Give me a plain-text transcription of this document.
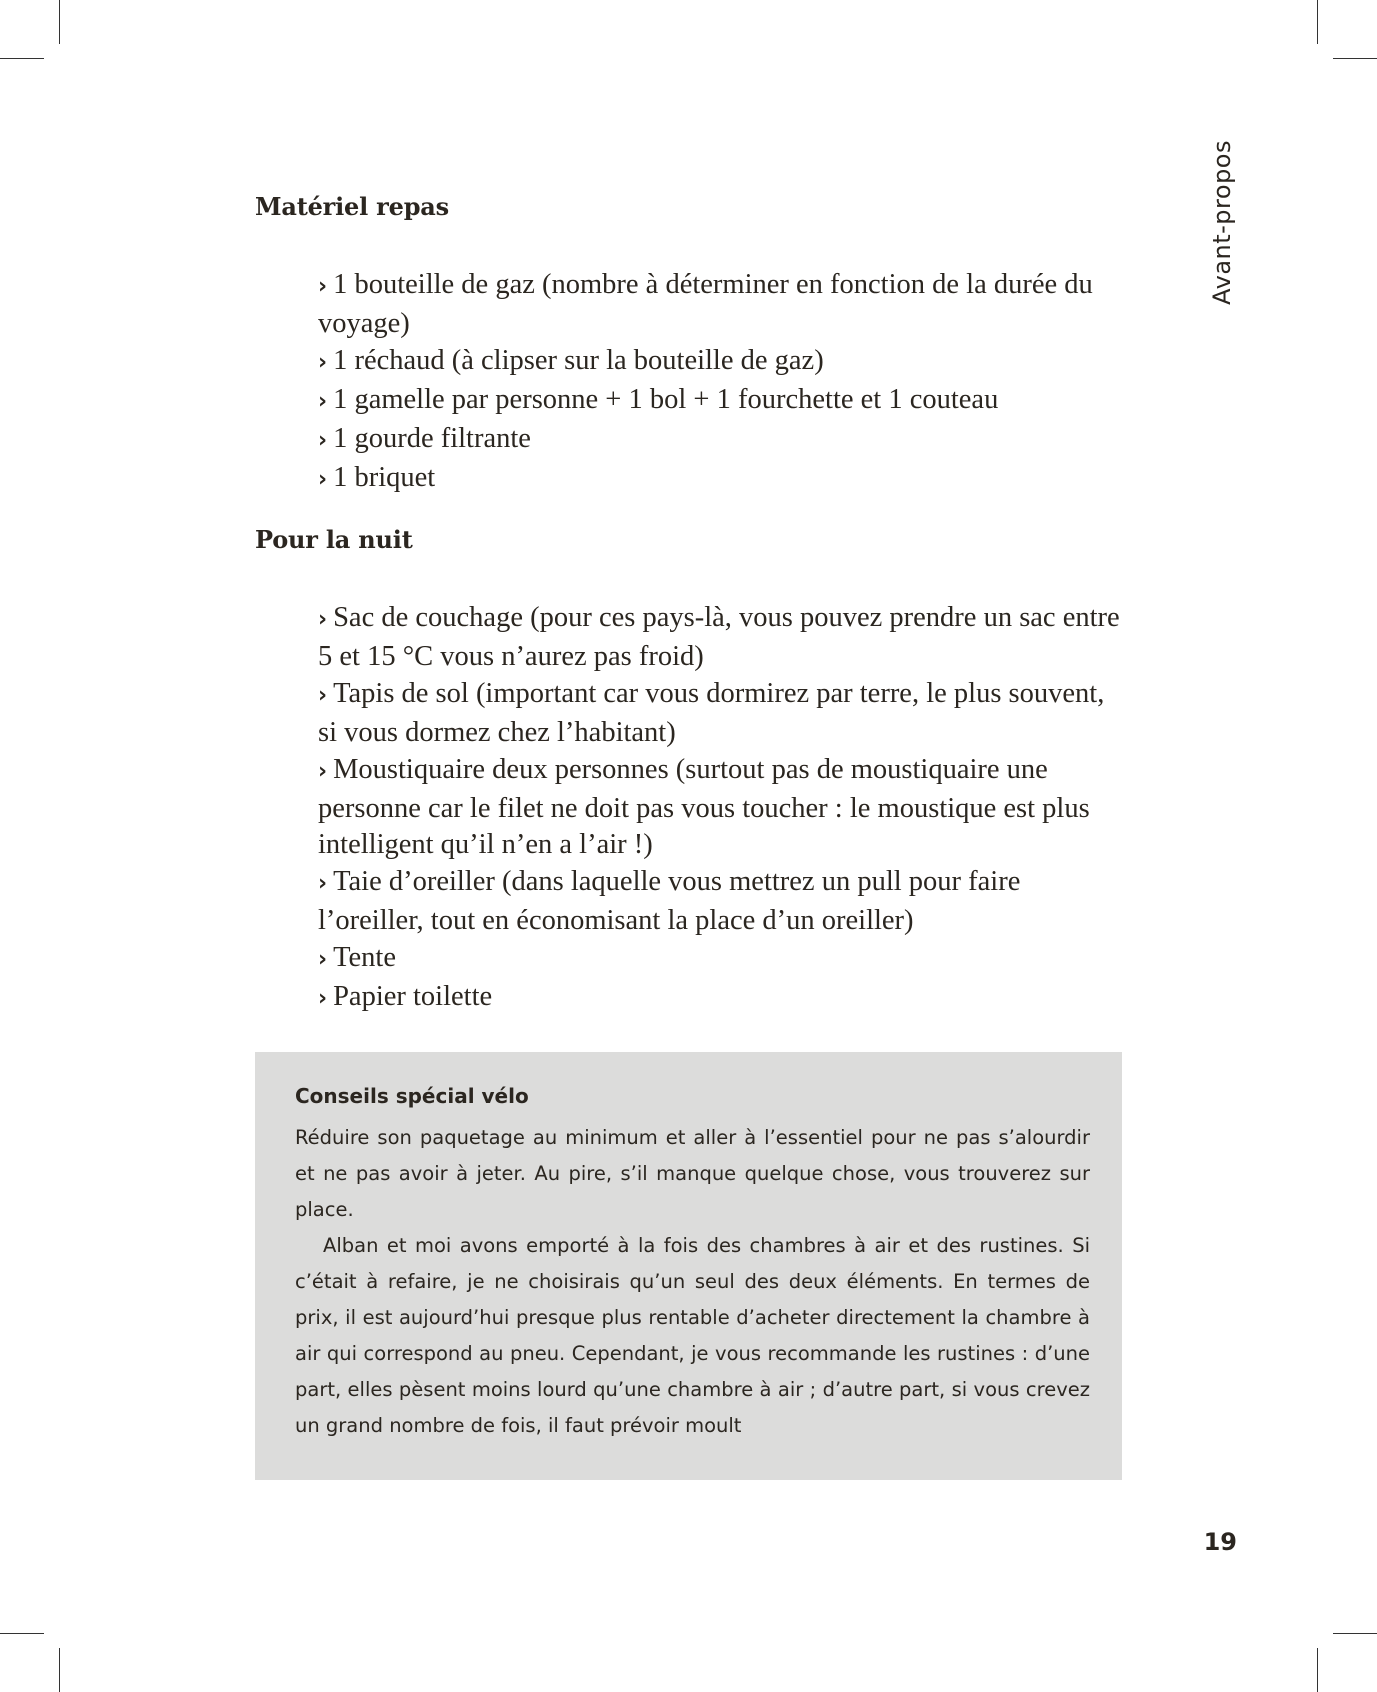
Avant-propos
Matériel repas
› 1 bouteille de gaz (nombre à déterminer en fonction de la durée du voyage)
› 1 réchaud (à clipser sur la bouteille de gaz)
› 1 gamelle par personne + 1 bol + 1 fourchette et 1 couteau
› 1 gourde filtrante
› 1 briquet
Pour la nuit
› Sac de couchage (pour ces pays-là, vous pouvez prendre un sac entre 5 et 15 °C vous n’aurez pas froid)
› Tapis de sol (important car vous dormirez par terre, le plus souvent, si vous dormez chez l’habitant)
› Moustiquaire deux personnes (surtout pas de moustiquaire une personne car le filet ne doit pas vous toucher : le moustique est plus intelligent qu’il n’en a l’air !)
› Taie d’oreiller (dans laquelle vous mettrez un pull pour faire l’oreiller, tout en économisant la place d’un oreiller)
› Tente
› Papier toilette
Conseils spécial vélo

Réduire son paquetage au minimum et aller à l’essentiel pour ne pas s’alourdir et ne pas avoir à jeter. Au pire, s’il manque quelque chose, vous trouverez sur place.

Alban et moi avons emporté à la fois des chambres à air et des rustines. Si c’était à refaire, je ne choisirais qu’un seul des deux éléments. En termes de prix, il est aujourd’hui presque plus rentable d’acheter directement la chambre à air qui correspond au pneu. Cependant, je vous recommande les rustines : d’une part, elles pèsent moins lourd qu’une chambre à air ; d’autre part, si vous crevez un grand nombre de fois, il faut prévoir moult

19
